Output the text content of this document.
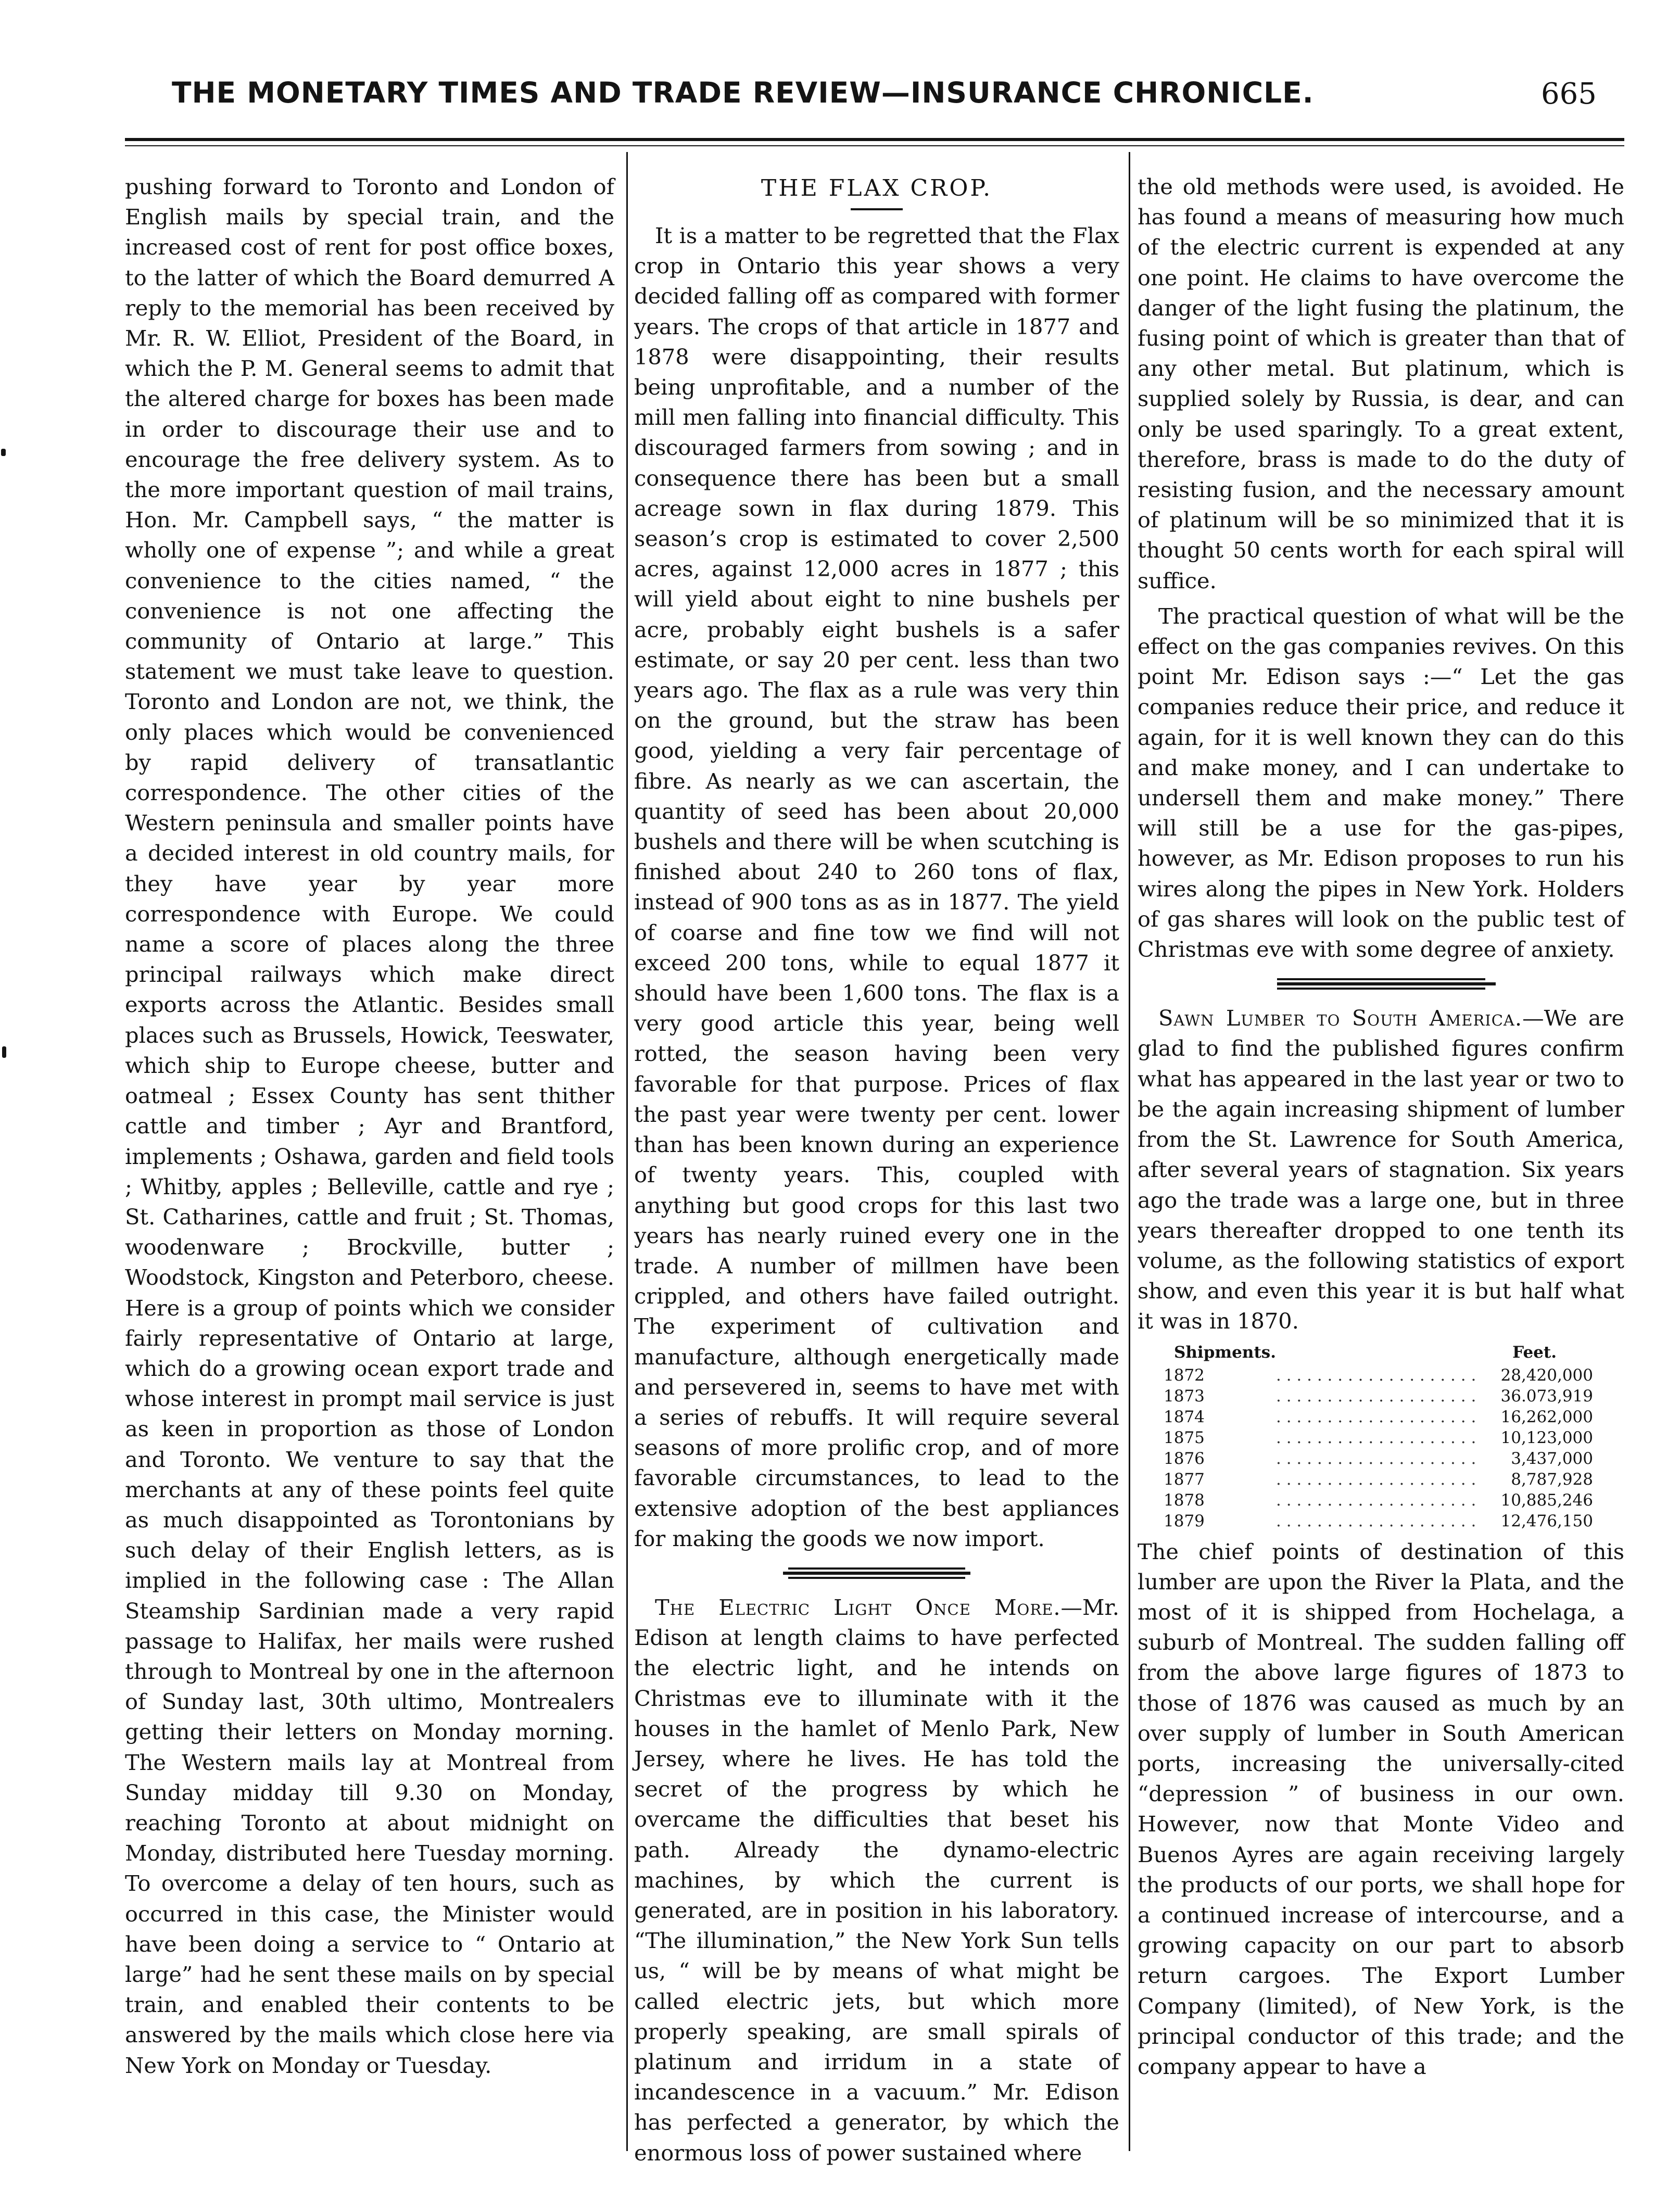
THE MONETARY TIMES AND TRADE REVIEW—INSURANCE CHRONICLE.	665

pushing forward to Toronto and London of English mails by special train, and the increased cost of rent for post office boxes, to the latter of which the Board demurred A reply to the memorial has been received by Mr. R. W. Elliot, President of the Board, in which the P. M. General seems to admit that the altered charge for boxes has been made in order to discourage their use and to encourage the free delivery system. As to the more important question of mail trains, Hon. Mr. Campbell says, “ the matter is wholly one of expense ”; and while a great convenience to the cities named, “ the convenience is not one affecting the community of Ontario at large.” This statement we must take leave to question. Toronto and London are not, we think, the only places which would be convenienced by rapid delivery of transatlantic correspondence. The other cities of the Western peninsula and smaller points have a decided interest in old country mails, for they have year by year more correspondence with Europe. We could name a score of places along the three principal railways which make direct exports across the Atlantic. Besides small places such as Brussels, Howick, Teeswater, which ship to Europe cheese, butter and oatmeal ; Essex County has sent thither cattle and timber ; Ayr and Brantford, implements ; Oshawa, garden and field tools ; Whitby, apples ; Belleville, cattle and rye ; St. Catharines, cattle and fruit ; St. Thomas, woodenware ; Brockville, butter ; Woodstock, Kingston and Peterboro, cheese. Here is a group of points which we consider fairly representative of Ontario at large, which do a growing ocean export trade and whose interest in prompt mail service is just as keen in proportion as those of London and Toronto. We venture to say that the merchants at any of these points feel quite as much disappointed as Torontonians by such delay of their English letters, as is implied in the following case : The Allan Steamship Sardinian made a very rapid passage to Halifax, her mails were rushed through to Montreal by one in the afternoon of Sunday last, 30th ultimo, Montrealers getting their letters on Monday morning. The Western mails lay at Montreal from Sunday midday till 9.30 on Monday, reaching Toronto at about midnight on Monday, distributed here Tuesday morning. To overcome a delay of ten hours, such as occurred in this case, the Minister would have been doing a service to “ Ontario at large” had he sent these mails on by special train, and enabled their contents to be answered by the mails which close here via New York on Monday or Tuesday.

THE FLAX CROP.

It is a matter to be regretted that the Flax crop in Ontario this year shows a very decided falling off as compared with former years. The crops of that article in 1877 and 1878 were disappointing, their results being unprofitable, and a number of the mill men falling into financial difficulty. This discouraged farmers from sowing ; and in consequence there has been but a small acreage sown in flax during 1879. This season’s crop is estimated to cover 2,500 acres, against 12,000 acres in 1877 ; this will yield about eight to nine bushels per acre, probably eight bushels is a safer estimate, or say 20 per cent. less than two years ago. The flax as a rule was very thin on the ground, but the straw has been good, yielding a very fair percentage of fibre. As nearly as we can ascertain, the quantity of seed has been about 20,000 bushels and there will be when scutching is finished about 240 to 260 tons of flax, instead of 900 tons as as in 1877. The yield of coarse and fine tow we find will not exceed 200 tons, while to equal 1877 it should have been 1,600 tons. The flax is a very good article this year, being well rotted, the season having been very favorable for that purpose. Prices of flax the past year were twenty per cent. lower than has been known during an experience of twenty years. This, coupled with anything but good crops for this last two years has nearly ruined every one in the trade. A number of millmen have been crippled, and others have failed outright. The experiment of cultivation and manufacture, although energetically made and persevered in, seems to have met with a series of rebuffs. It will require several seasons of more prolific crop, and of more favorable circumstances, to lead to the extensive adoption of the best appliances for making the goods we now import.

The Electric Light Once More.—Mr. Edison at length claims to have perfected the electric light, and he intends on Christmas eve to illuminate with it the houses in the hamlet of Menlo Park, New Jersey, where he lives. He has told the secret of the progress by which he overcame the difficulties that beset his path. Already the dynamo-electric machines, by which the current is generated, are in position in his laboratory. “The illumination,” the New York Sun tells us, “ will be by means of what might be called electric jets, but which more properly speaking, are small spirals of platinum and irridum in a state of incandescence in a vacuum.” Mr. Edison has perfected a generator, by which the enormous loss of power sustained where

the old methods were used, is avoided. He has found a means of measuring how much of the electric current is expended at any one point. He claims to have overcome the danger of the light fusing the platinum, the fusing point of which is greater than that of any other metal. But platinum, which is supplied solely by Russia, is dear, and can only be used sparingly. To a great extent, therefore, brass is made to do the duty of resisting fusion, and the necessary amount of platinum will be so minimized that it is thought 50 cents worth for each spiral will suffice.

The practical question of what will be the effect on the gas companies revives. On this point Mr. Edison says :—“ Let the gas companies reduce their price, and reduce it again, for it is well known they can do this and make money, and I can undertake to undersell them and make money.” There will still be a use for the gas-pipes, however, as Mr. Edison proposes to run his wires along the pipes in New York. Holders of gas shares will look on the public test of Christmas eve with some degree of anxiety.

Sawn Lumber to South America.—We are glad to find the published figures confirm what has appeared in the last year or two to be the again increasing shipment of lumber from the St. Lawrence for South America, after several years of stagnation. Six years ago the trade was a large one, but in three years thereafter dropped to one tenth its volume, as the following statistics of export show, and even this year it is but half what it was in 1870.

Shipments.		Feet.
1872	. . . . . . . . . . . . . . . . . . . .	28,420,000
1873	. . . . . . . . . . . . . . . . . . . .	36.073,919
1874	. . . . . . . . . . . . . . . . . . . .	16,262,000
1875	. . . . . . . . . . . . . . . . . . . .	10,123,000
1876	. . . . . . . . . . . . . . . . . . . .	3,437,000
1877	. . . . . . . . . . . . . . . . . . . .	8,787,928
1878	. . . . . . . . . . . . . . . . . . . .	10,885,246
1879	. . . . . . . . . . . . . . . . . . . .	12,476,150

The chief points of destination of this lumber are upon the River la Plata, and the most of it is shipped from Hochelaga, a suburb of Montreal. The sudden falling off from the above large figures of 1873 to those of 1876 was caused as much by an over supply of lumber in South American ports, increasing the universally-cited “depression ” of business in our own. However, now that Monte Video and Buenos Ayres are again receiving largely the products of our ports, we shall hope for a continued increase of intercourse, and a growing capacity on our part to absorb return cargoes. The Export Lumber Company (limited), of New York, is the principal conductor of this trade; and the company appear to have a
